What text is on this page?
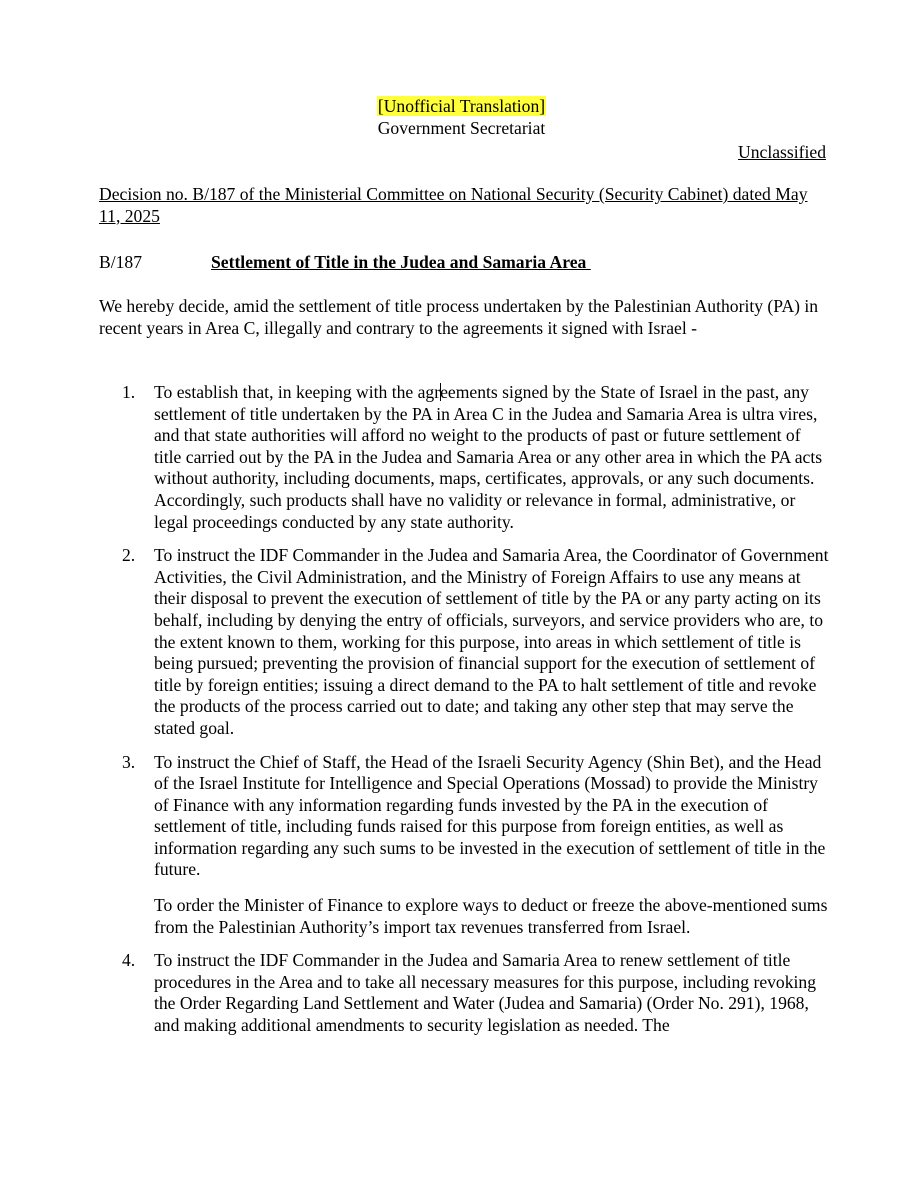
[Unofficial Translation]
Government Secretariat
Unclassified
Decision no. B/187 of the Ministerial Committee on National Security (Security Cabinet) dated May 11, 2025
B/187	Settlement of Title in the Judea and Samaria Area
We hereby decide, amid the settlement of title process undertaken by the Palestinian Authority (PA) in recent years in Area C, illegally and contrary to the agreements it signed with Israel -
1. To establish that, in keeping with the agreements signed by the State of Israel in the past, any settlement of title undertaken by the PA in Area C in the Judea and Samaria Area is ultra vires, and that state authorities will afford no weight to the products of past or future settlement of title carried out by the PA in the Judea and Samaria Area or any other area in which the PA acts without authority, including documents, maps, certificates, approvals, or any such documents. Accordingly, such products shall have no validity or relevance in formal, administrative, or legal proceedings conducted by any state authority.

2. To instruct the IDF Commander in the Judea and Samaria Area, the Coordinator of Government Activities, the Civil Administration, and the Ministry of Foreign Affairs to use any means at their disposal to prevent the execution of settlement of title by the PA or any party acting on its behalf, including by denying the entry of officials, surveyors, and service providers who are, to the extent known to them, working for this purpose, into areas in which settlement of title is being pursued; preventing the provision of financial support for the execution of settlement of title by foreign entities; issuing a direct demand to the PA to halt settlement of title and revoke the products of the process carried out to date; and taking any other step that may serve the stated goal.

3. To instruct the Chief of Staff, the Head of the Israeli Security Agency (Shin Bet), and the Head of the Israel Institute for Intelligence and Special Operations (Mossad) to provide the Ministry of Finance with any information regarding funds invested by the PA in the execution of settlement of title, including funds raised for this purpose from foreign entities, as well as information regarding any such sums to be invested in the execution of settlement of title in the future.

To order the Minister of Finance to explore ways to deduct or freeze the above-mentioned sums from the Palestinian Authority’s import tax revenues transferred from Israel.

4. To instruct the IDF Commander in the Judea and Samaria Area to renew settlement of title procedures in the Area and to take all necessary measures for this purpose, including revoking the Order Regarding Land Settlement and Water (Judea and Samaria) (Order No. 291), 1968, and making additional amendments to security legislation as needed. The
